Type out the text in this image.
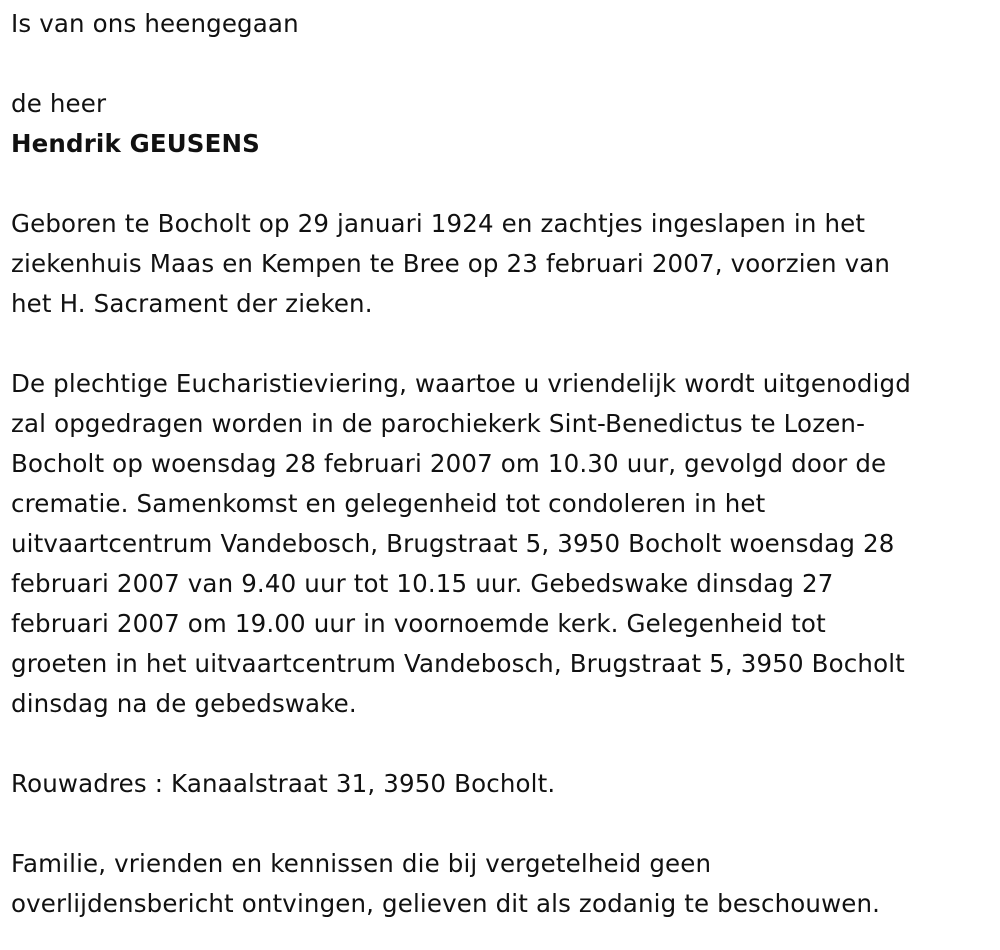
Is van ons heengegaan
de heer
Hendrik GEUSENS
Geboren te Bocholt op 29 januari 1924 en zachtjes ingeslapen in het
ziekenhuis Maas en Kempen te Bree op 23 februari 2007, voorzien van
het H. Sacrament der zieken.
De plechtige Eucharistieviering, waartoe u vriendelijk wordt uitgenodigd
zal opgedragen worden in de parochiekerk Sint-Benedictus te Lozen-
Bocholt op woensdag 28 februari 2007 om 10.30 uur, gevolgd door de
crematie. Samenkomst en gelegenheid tot condoleren in het
uitvaartcentrum Vandebosch, Brugstraat 5, 3950 Bocholt woensdag 28
februari 2007 van 9.40 uur tot 10.15 uur. Gebedswake dinsdag 27
februari 2007 om 19.00 uur in voornoemde kerk. Gelegenheid tot
groeten in het uitvaartcentrum Vandebosch, Brugstraat 5, 3950 Bocholt
dinsdag na de gebedswake.
Rouwadres : Kanaalstraat 31, 3950 Bocholt.
Familie, vrienden en kennissen die bij vergetelheid geen
overlijdensbericht ontvingen, gelieven dit als zodanig te beschouwen.
